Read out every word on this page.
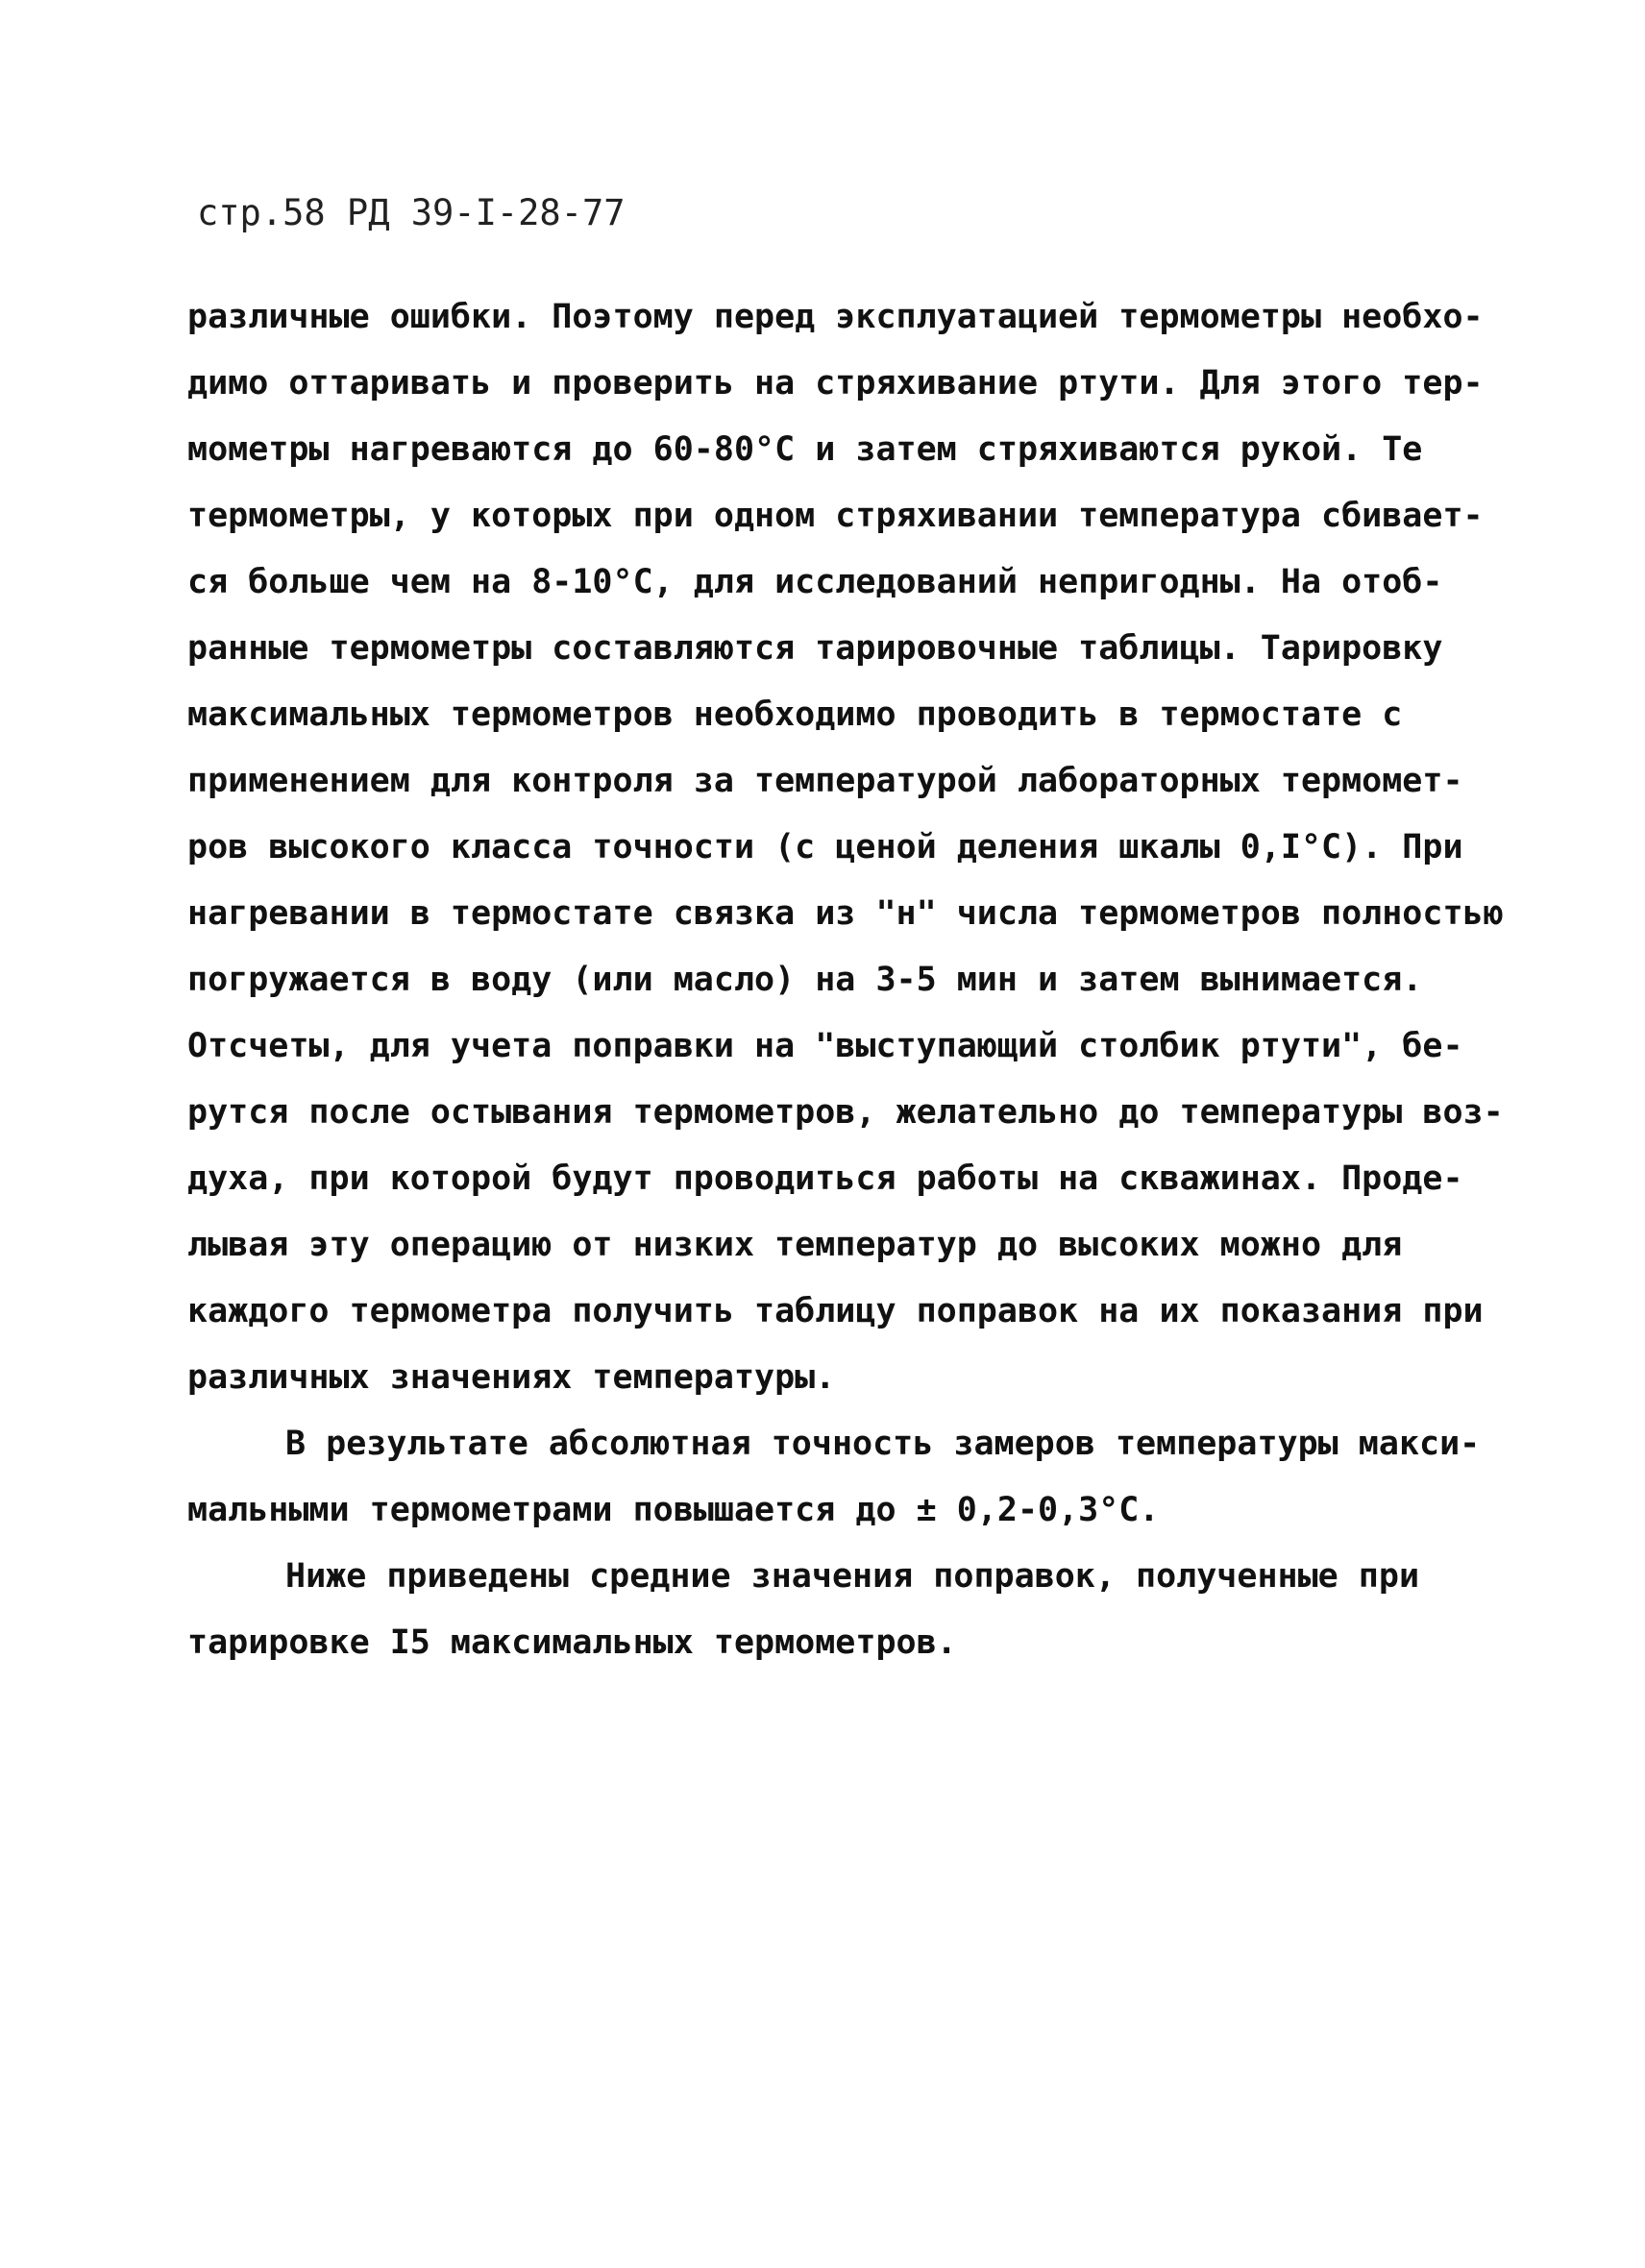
стр.58 РД 39-I-28-77
различные ошибки. Поэтому перед эксплуатацией термометры необхо-
димо оттаривать и проверить на стряхивание ртути. Для этого тер-
мометры нагреваются до 60-80°С и затем стряхиваются рукой. Те
термометры, у которых при одном стряхивании температура сбивает-
ся больше чем на 8-10°С, для исследований непригодны. На отоб-
ранные термометры составляются тарировочные таблицы. Тарировку
максимальных термометров необходимо проводить в термостате с
применением для контроля за температурой лабораторных термомет-
ров высокого класса точности (с ценой деления шкалы 0,I°С). При
нагревании в термостате связка из "н" числа термометров полностью
погружается в воду (или масло) на 3-5 мин и затем вынимается.
Отсчеты, для учета поправки на "выступающий столбик ртути", бе-
рутся после остывания термометров, желательно до температуры воз-
духа, при которой будут проводиться работы на скважинах. Проде-
лывая эту операцию от низких температур до высоких можно для
каждого термометра получить таблицу поправок на их показания при
различных значениях температуры.
В результате абсолютная точность замеров температуры макси-
мальными термометрами повышается до ± 0,2-0,3°С.
Ниже приведены средние значения поправок, полученные при
тарировке I5 максимальных термометров.
